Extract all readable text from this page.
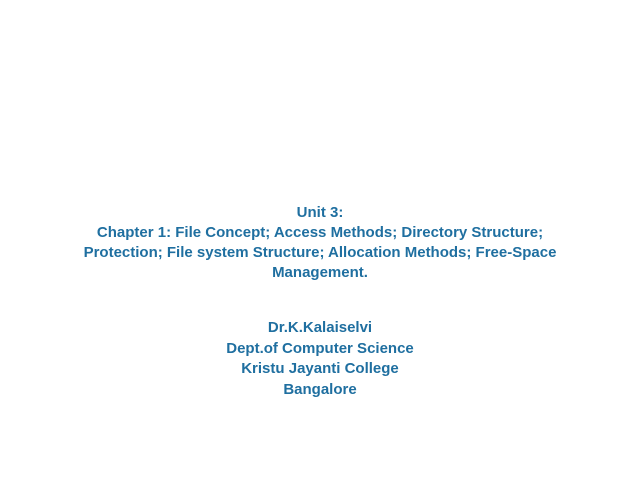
Unit 3:
Chapter 1: File Concept; Access Methods; Directory Structure;
Protection; File system Structure; Allocation Methods; Free-Space
Management.
Dr.K.Kalaiselvi
Dept.of Computer Science
Kristu Jayanti College
Bangalore
